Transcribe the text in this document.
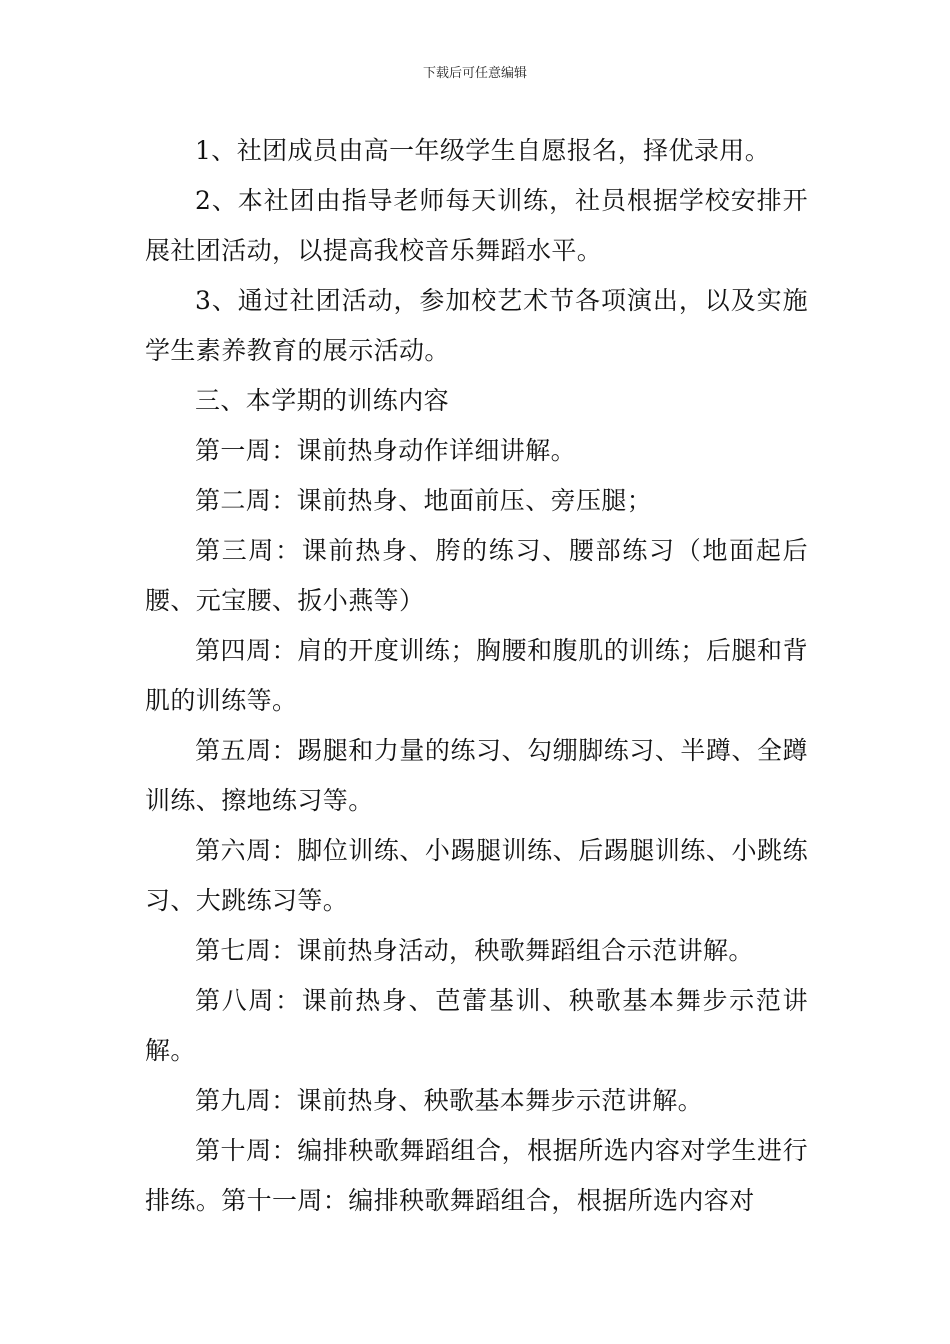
下载后可任意编辑

1、社团成员由高一年级学生自愿报名，择优录用。

2、本社团由指导老师每天训练，社员根据学校安排开展社团活动，以提高我校音乐舞蹈水平。

3、通过社团活动，参加校艺术节各项演出，以及实施学生素养教育的展示活动。

三、本学期的训练内容

第一周：课前热身动作详细讲解。

第二周：课前热身、地面前压、旁压腿；

第三周：课前热身、胯的练习、腰部练习（地面起后腰、元宝腰、扳小燕等）

第四周：肩的开度训练；胸腰和腹肌的训练；后腿和背肌的训练等。

第五周：踢腿和力量的练习、勾绷脚练习、半蹲、全蹲训练、擦地练习等。

第六周：脚位训练、小踢腿训练、后踢腿训练、小跳练习、大跳练习等。

第七周：课前热身活动，秧歌舞蹈组合示范讲解。

第八周：课前热身、芭蕾基训、秧歌基本舞步示范讲解。

第九周：课前热身、秧歌基本舞步示范讲解。

第十周：编排秧歌舞蹈组合，根据所选内容对学生进行排练。第十一周：编排秧歌舞蹈组合，根据所选内容对
